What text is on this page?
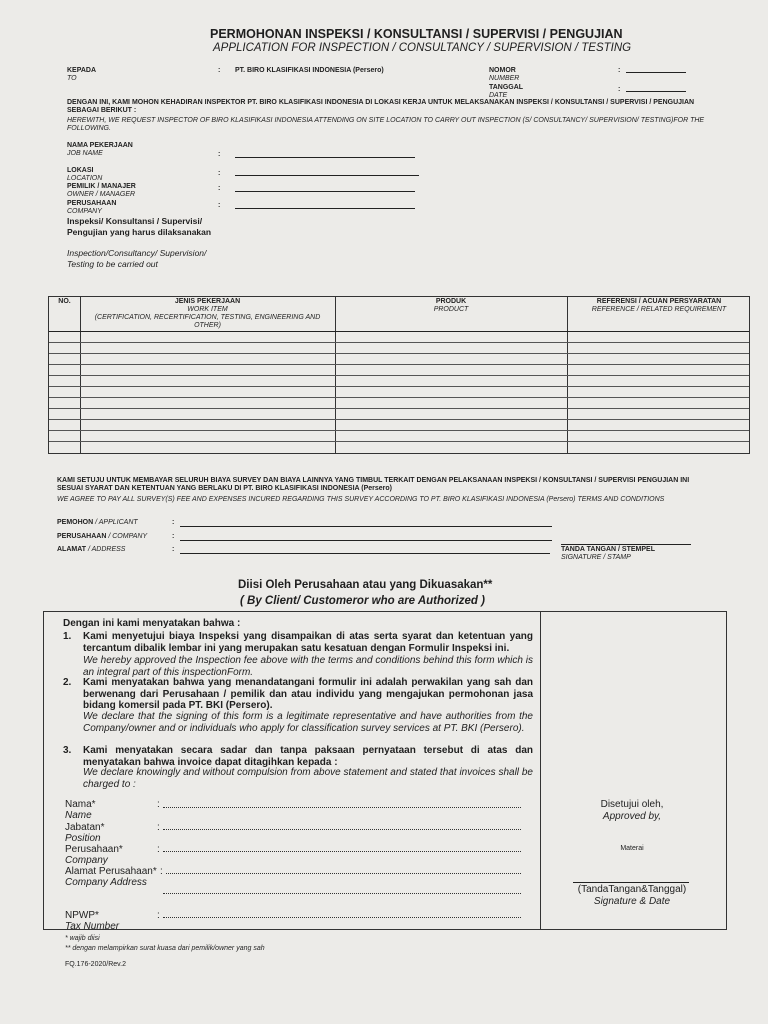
PERMOHONAN INSPEKSI / KONSULTANSI / SUPERVISI / PENGUJIAN
APPLICATION FOR INSPECTION / CONSULTANCY / SUPERVISION / TESTING
KEPADA
TO
: PT. BIRO KLASIFIKASI INDONESIA (Persero)	NOMOR
NUMBER
:
TANGGAL
DATE
:
DENGAN INI, KAMI MOHON KEHADIRAN INSPEKTOR PT. BIRO KLASIFIKASI INDONESIA DI LOKASI KERJA UNTUK MELAKSANAKAN INSPEKSI / KONSULTANSI / SUPERVISI / PENGUJIAN SEBAGAI BERIKUT :
HEREWITH, WE REQUEST INSPECTOR OF BIRO KLASIFIKASI INDONESIA ATTENDING ON SITE LOCATION TO CARRY OUT INSPECTION (S/ CONSULTANCY/ SUPERVISION/ TESTING)FOR THE FOLLOWING.
NAMA PEKERJAAN
JOB NAME	:
LOKASI
LOCATION
:
PEMILIK / MANAJER
OWNER / MANAGER
:
PERUSAHAAN
COMPANY
:
Inspeksi/ Konsultansi / Supervisi/ Pengujian yang harus dilaksanakan
Inspection/Consultancy/ Supervision/ Testing to be carried out
NO.	JENIS PEKERJAAN
WORK ITEM
(CERTIFICATION, RECERTIFICATION, TESTING, ENGINEERING AND OTHER)
PRODUK
PRODUCT
REFERENSI / ACUAN PERSYARATAN
REFERENCE / RELATED REQUIREMENT
KAMI SETUJU UNTUK MEMBAYAR SELURUH BIAYA SURVEY DAN BIAYA LAINNYA YANG TIMBUL TERKAIT DENGAN PELAKSANAAN INSPEKSI / KONSULTANSI / SUPERVISI PENGUJIAN INI SESUAI SYARAT DAN KETENTUAN YANG BERLAKU DI PT. BIRO KLASIFIKASI INDONESIA (Persero)
WE AGREE TO PAY ALL SURVEY(S) FEE AND EXPENSES INCURED REGARDING THIS SURVEY ACCORDING TO PT. BIRO KLASIFIKASI INDONESIA (Persero) TERMS AND CONDITIONS
PEMOHON / APPLICANT	:
PERUSAHAAN / COMPANY	:
ALAMAT / ADDRESS	:	TANDA TANGAN / STEMPEL
SIGNATURE / STAMP
Diisi Oleh Perusahaan atau yang Dikuasakan**
( By Client/ Customeror who are Authorized )
Dengan ini kami menyatakan bahwa :
1. Kami menyetujui biaya Inspeksi yang disampaikan di atas serta syarat dan ketentuan yang tercantum dibalik lembar ini yang merupakan satu kesatuan dengan Formulir Inspeksi ini.
We hereby approved the Inspection fee above with the terms and conditions behind this form which is an integral part of this inspectionForm.
2. Kami menyatakan bahwa yang menandatangani formulir ini adalah perwakilan yang sah dan berwenang dari Perusahaan / pemilik dan atau individu yang mengajukan permohonan jasa bidang komersil pada PT. BKI (Persero).
We declare that the signing of this form is a legitimate representative and have authorities from the Company/owner and or individuals who apply for classification survey services at PT. BKI (Persero).
3. Kami menyatakan secara sadar dan tanpa paksaan pernyataan tersebut di atas dan menyatakan bahwa invoice dapat ditagihkan kepada :
We declare knowingly and without compulsion from above statement and stated that invoices shall be charged to :
Nama*
Name
:
Jabatan*
Position
:
Perusahaan*
Company
:
Alamat Perusahaan*
Company Address
:
NPWP*
Tax Number
:
Disetujui oleh,
Approved by,
Materai
(TandaTangan&Tanggal)
Signature & Date
* wajib diisi
** dengan melampirkan surat kuasa dari pemilik/owner yang sah
FQ.176-2020/Rev.2
